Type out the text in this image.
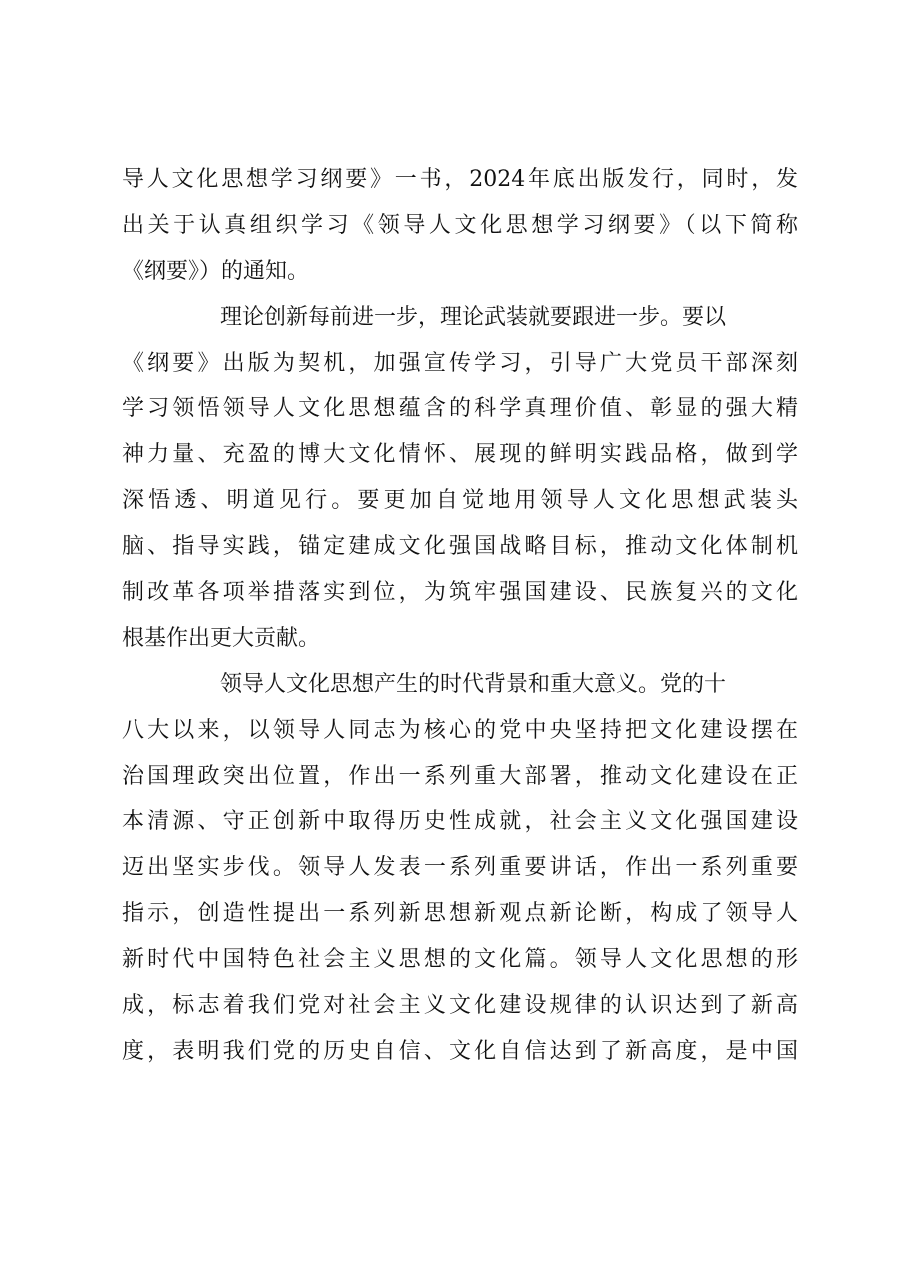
导人文化思想学习纲要》一书，2024年底出版发行，同时，发
出关于认真组织学习《领导人文化思想学习纲要》（以下简称
《纲要》）的通知。
理论创新每前进一步，理论武装就要跟进一步。要以
《纲要》出版为契机，加强宣传学习，引导广大党员干部深刻
学习领悟领导人文化思想蕴含的科学真理价值、彰显的强大精
神力量、充盈的博大文化情怀、展现的鲜明实践品格，做到学
深悟透、明道见行。要更加自觉地用领导人文化思想武装头
脑、指导实践，锚定建成文化强国战略目标，推动文化体制机
制改革各项举措落实到位，为筑牢强国建设、民族复兴的文化
根基作出更大贡献。
领导人文化思想产生的时代背景和重大意义。党的十
八大以来，以领导人同志为核心的党中央坚持把文化建设摆在
治国理政突出位置，作出一系列重大部署，推动文化建设在正
本清源、守正创新中取得历史性成就，社会主义文化强国建设
迈出坚实步伐。领导人发表一系列重要讲话，作出一系列重要
指示，创造性提出一系列新思想新观点新论断，构成了领导人
新时代中国特色社会主义思想的文化篇。领导人文化思想的形
成，标志着我们党对社会主义文化建设规律的认识达到了新高
度，表明我们党的历史自信、文化自信达到了新高度，是中国
